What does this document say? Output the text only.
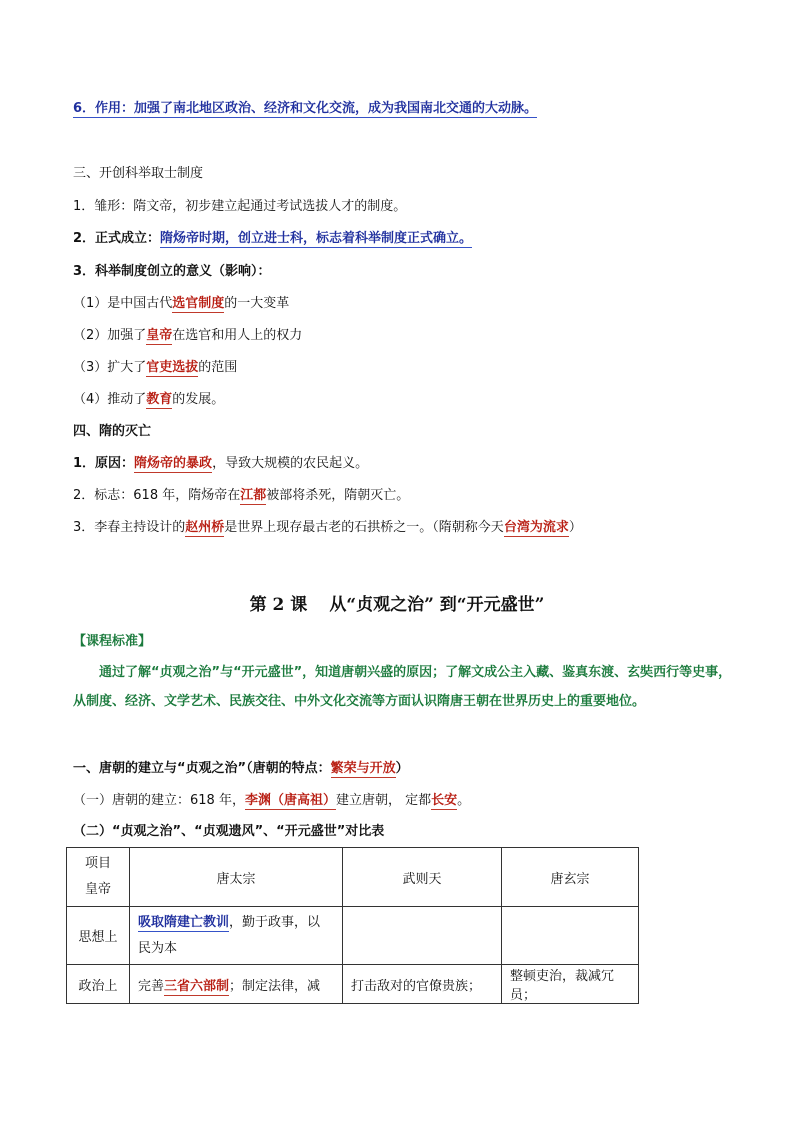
6．作用：加强了南北地区政治、经济和文化交流，成为我国南北交通的大动脉。
三、开创科举取士制度
1．雏形：隋文帝，初步建立起通过考试选拔人才的制度。
2．正式成立：隋炀帝时期，创立进士科，标志着科举制度正式确立。
3．科举制度创立的意义（影响）：
（1）是中国古代选官制度的一大变革
（2）加强了皇帝在选官和用人上的权力
（3）扩大了官吏选拔的范围
（4）推动了教育的发展。
四、隋的灭亡
1．原因：隋炀帝的暴政，导致大规模的农民起义。
2．标志：618 年，隋炀帝在江都被部将杀死，隋朝灭亡。
3．李春主持设计的赵州桥是世界上现存最古老的石拱桥之一。（隋朝称今天台湾为流求）
第 2 课 从“贞观之治” 到“开元盛世”
【课程标准】
通过了解“贞观之治”与“开元盛世”，知道唐朝兴盛的原因；了解文成公主入藏、鉴真东渡、玄奘西行等史事，从制度、经济、文学艺术、民族交往、中外文化交流等方面认识隋唐王朝在世界历史上的重要地位。
一、唐朝的建立与“贞观之治”（唐朝的特点：繁荣与开放）
（一）唐朝的建立：618 年，李渊（唐高祖）建立唐朝， 定都长安。
（二）“贞观之治”、“贞观遗风”、“开元盛世”对比表
项目
皇帝	唐太宗	武则天	唐玄宗
思想上	吸取隋建亡教训，勤于政事，以
民为本		
政治上	完善三省六部制；制定法律，减	打击敌对的官僚贵族；	整顿吏治，裁减冗员；
